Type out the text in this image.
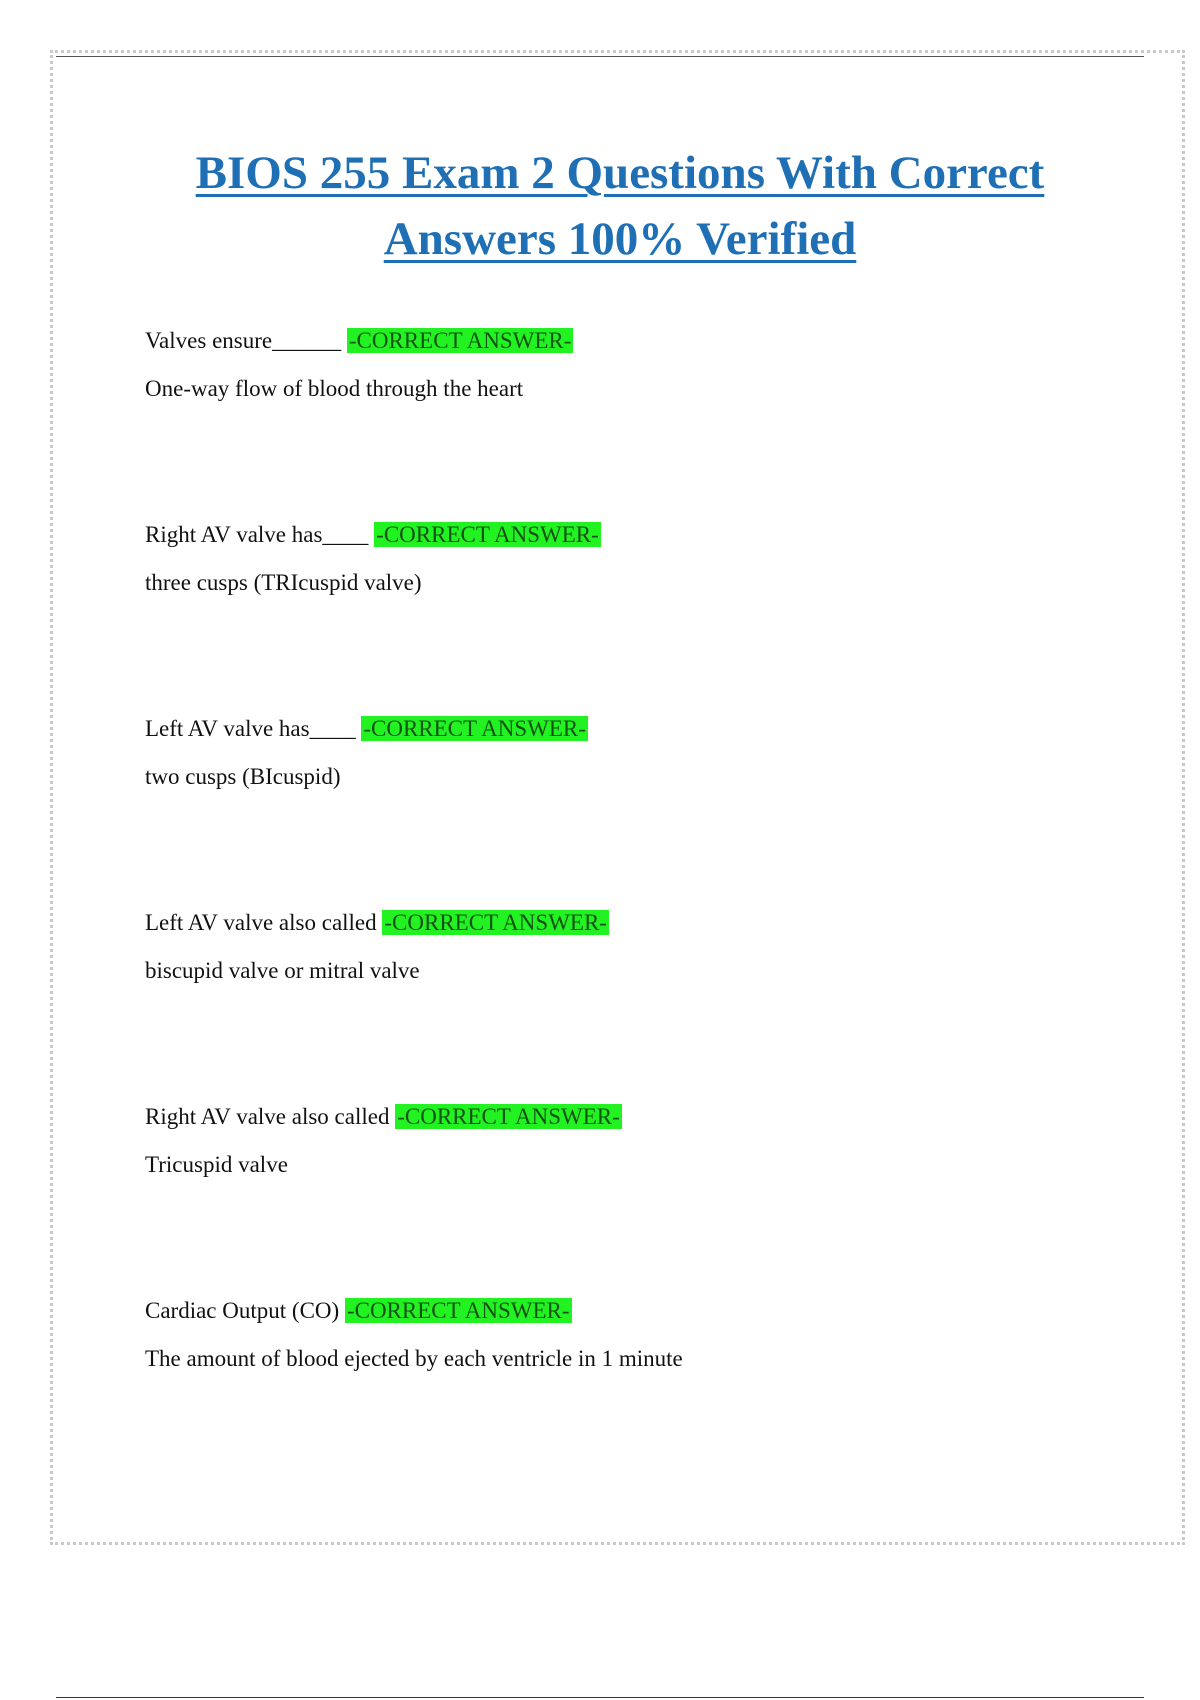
BIOS 255 Exam 2 Questions With Correct
Answers 100% Verified
Valves ensure______ -CORRECT ANSWER-
One-way flow of blood through the heart
Right AV valve has____ -CORRECT ANSWER-
three cusps (TRIcuspid valve)
Left AV valve has____ -CORRECT ANSWER-
two cusps (BIcuspid)
Left AV valve also called -CORRECT ANSWER-
biscupid valve or mitral valve
Right AV valve also called -CORRECT ANSWER-
Tricuspid valve
Cardiac Output (CO) -CORRECT ANSWER-
The amount of blood ejected by each ventricle in 1 minute
